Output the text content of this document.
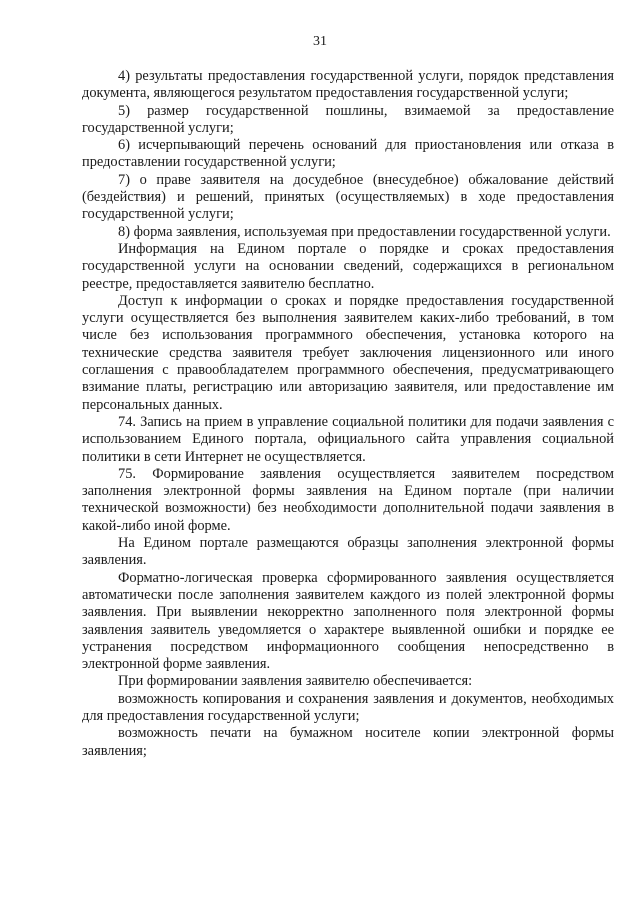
31

4) результаты предоставления государственной услуги, порядок представления документа, являющегося результатом предоставления государственной услуги;

5) размер государственной пошлины, взимаемой за предоставление государственной услуги;

6) исчерпывающий перечень оснований для приостановления или отказа в предоставлении государственной услуги;

7) о праве заявителя на досудебное (внесудебное) обжалование действий (бездействия) и решений, принятых (осуществляемых) в ходе предоставления государственной услуги;

8) форма заявления, используемая при предоставлении государственной услуги.

Информация на Едином портале о порядке и сроках предоставления государственной услуги на основании сведений, содержащихся в региональном реестре, предоставляется заявителю бесплатно.

Доступ к информации о сроках и порядке предоставления государственной услуги осуществляется без выполнения заявителем каких-либо требований, в том числе без использования программного обеспечения, установка которого на технические средства заявителя требует заключения лицензионного или иного соглашения с правообладателем программного обеспечения, предусматривающего взимание платы, регистрацию или авторизацию заявителя, или предоставление им персональных данных.

74. Запись на прием в управление социальной политики для подачи заявления с использованием Единого портала, официального сайта управления социальной политики в сети Интернет не осуществляется.

75. Формирование заявления осуществляется заявителем посредством заполнения электронной формы заявления на Едином портале (при наличии технической возможности) без необходимости дополнительной подачи заявления в какой-либо иной форме.

На Едином портале размещаются образцы заполнения электронной формы заявления.

Форматно-логическая проверка сформированного заявления осуществляется автоматически после заполнения заявителем каждого из полей электронной формы заявления. При выявлении некорректно заполненного поля электронной формы заявления заявитель уведомляется о характере выявленной ошибки и порядке ее устранения посредством информационного сообщения непосредственно в электронной форме заявления.

При формировании заявления заявителю обеспечивается:

возможность копирования и сохранения заявления и документов, необходимых для предоставления государственной услуги;

возможность печати на бумажном носителе копии электронной формы заявления;
